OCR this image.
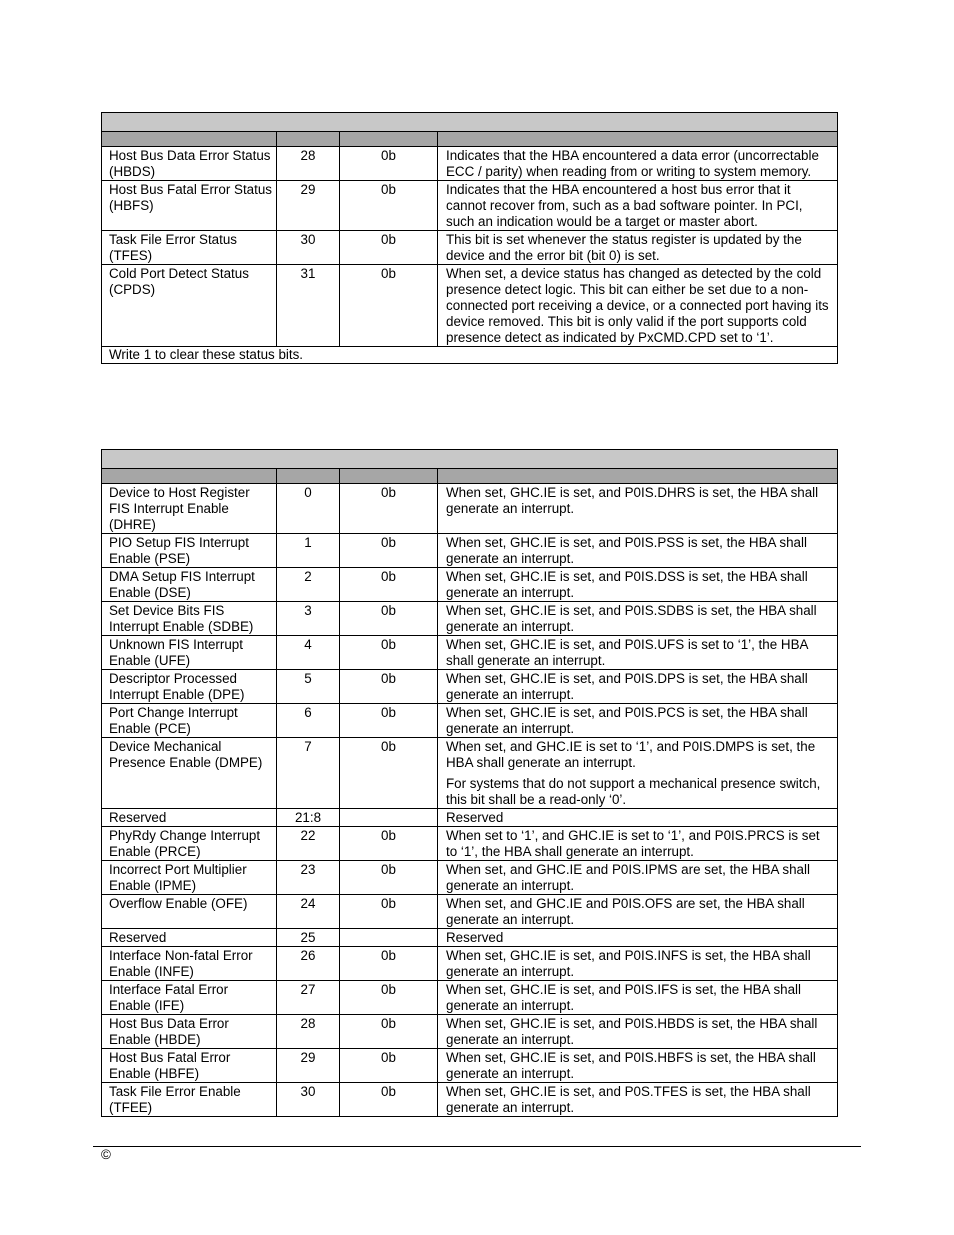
Host Bus Data Error Status (HBDS)	28	0b	Indicates that the HBA encountered a data error (uncorrectable ECC / parity) when reading from or writing to system memory.

Host Bus Fatal Error Status (HBFS)	29	0b	Indicates that the HBA encountered a host bus error that it cannot recover from, such as a bad software pointer. In PCI, such an indication would be a target or master abort.

Task File Error Status (TFES)	30	0b	This bit is set whenever the status register is updated by the device and the error bit (bit 0) is set.

Cold Port Detect Status (CPDS)	31	0b	When set, a device status has changed as detected by the cold presence detect logic. This bit can either be set due to a non-connected port receiving a device, or a connected port having its device removed. This bit is only valid if the port supports cold presence detect as indicated by PxCMD.CPD set to ‘1’.

Write 1 to clear these status bits.			

Device to Host Register FIS Interrupt Enable (DHRE)	0	0b	When set, GHC.IE is set, and P0IS.DHRS is set, the HBA shall generate an interrupt.

PIO Setup FIS Interrupt Enable (PSE)	1	0b	When set, GHC.IE is set, and P0IS.PSS is set, the HBA shall generate an interrupt.

DMA Setup FIS Interrupt Enable (DSE)	2	0b	When set, GHC.IE is set, and P0IS.DSS is set, the HBA shall generate an interrupt.

Set Device Bits FIS Interrupt Enable (SDBE)	3	0b	When set, GHC.IE is set, and P0IS.SDBS is set, the HBA shall generate an interrupt.

Unknown FIS Interrupt Enable (UFE)	4	0b	When set, GHC.IE is set, and P0IS.UFS is set to ‘1’, the HBA shall generate an interrupt.

Descriptor Processed Interrupt Enable (DPE)	5	0b	When set, GHC.IE is set, and P0IS.DPS is set, the HBA shall generate an interrupt.

Port Change Interrupt Enable (PCE)	6	0b	When set, GHC.IE is set, and P0IS.PCS is set, the HBA shall generate an interrupt.

Device Mechanical Presence Enable (DMPE)	7	0b	When set, and GHC.IE is set to ‘1’, and P0IS.DMPS is set, the HBA shall generate an interrupt.

For systems that do not support a mechanical presence switch, this bit shall be a read-only ‘0’.

Reserved	21:8		Reserved

PhyRdy Change Interrupt Enable (PRCE)	22	0b	When set to ‘1’, and GHC.IE is set to ‘1’, and P0IS.PRCS is set to ‘1’, the HBA shall generate an interrupt.

Incorrect Port Multiplier Enable (IPME)	23	0b	When set, and GHC.IE and P0IS.IPMS are set, the HBA shall generate an interrupt.

Overflow Enable (OFE)	24	0b	When set, and GHC.IE and P0IS.OFS are set, the HBA shall generate an interrupt.

Reserved	25		Reserved

Interface Non-fatal Error Enable (INFE)	26	0b	When set, GHC.IE is set, and P0IS.INFS is set, the HBA shall generate an interrupt.

Interface Fatal Error Enable (IFE)	27	0b	When set, GHC.IE is set, and P0IS.IFS is set, the HBA shall generate an interrupt.

Host Bus Data Error Enable (HBDE)	28	0b	When set, GHC.IE is set, and P0IS.HBDS is set, the HBA shall generate an interrupt.

Host Bus Fatal Error Enable (HBFE)	29	0b	When set, GHC.IE is set, and P0IS.HBFS is set, the HBA shall generate an interrupt.

Task File Error Enable (TFEE)	30	0b	When set, GHC.IE is set, and P0S.TFES is set, the HBA shall generate an interrupt.

©
